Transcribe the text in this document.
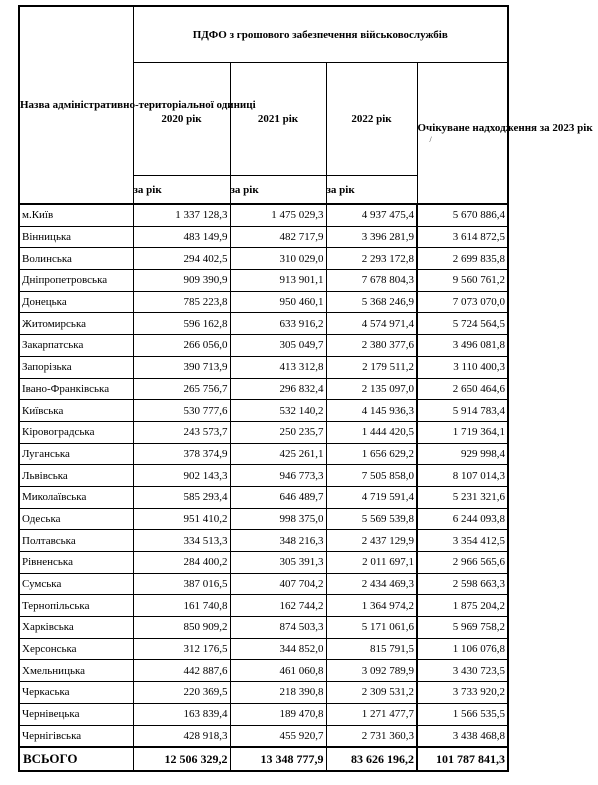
Назва адміністративно-територіальної одиниці	ПДФО з грошового забезпечення військовослужбів			
	2020 рік	2021 рік	2022 рік	Очікуване надходження за 2023 рік
/

	за рік	за рік	за рік	
м.Київ	1 337 128,3	1 475 029,3	4 937 475,4	5 670 886,4
Вінницька	483 149,9	482 717,9	3 396 281,9	3 614 872,5
Волинська	294 402,5	310 029,0	2 293 172,8	2 699 835,8
Дніпропетровська	909 390,9	913 901,1	7 678 804,3	9 560 761,2
Донецька	785 223,8	950 460,1	5 368 246,9	7 073 070,0
Житомирська	596 162,8	633 916,2	4 574 971,4	5 724 564,5
Закарпатська	266 056,0	305 049,7	2 380 377,6	3 496 081,8
Запорізька	390 713,9	413 312,8	2 179 511,2	3 110 400,3
Івано-Франківська	265 756,7	296 832,4	2 135 097,0	2 650 464,6
Київська	530 777,6	532 140,2	4 145 936,3	5 914 783,4
Кіровоградська	243 573,7	250 235,7	1 444 420,5	1 719 364,1
Луганська	378 374,9	425 261,1	1 656 629,2	929 998,4
Львівська	902 143,3	946 773,3	7 505 858,0	8 107 014,3
Миколаївська	585 293,4	646 489,7	4 719 591,4	5 231 321,6
Одеська	951 410,2	998 375,0	5 569 539,8	6 244 093,8
Полтавська	334 513,3	348 216,3	2 437 129,9	3 354 412,5
Рівненська	284 400,2	305 391,3	2 011 697,1	2 966 565,6
Сумська	387 016,5	407 704,2	2 434 469,3	2 598 663,3
Тернопільська	161 740,8	162 744,2	1 364 974,2	1 875 204,2
Харківська	850 909,2	874 503,3	5 171 061,6	5 969 758,2
Херсонська	312 176,5	344 852,0	815 791,5	1 106 076,8
Хмельницька	442 887,6	461 060,8	3 092 789,9	3 430 723,5
Черкаська	220 369,5	218 390,8	2 309 531,2	3 733 920,2
Чернівецька	163 839,4	189 470,8	1 271 477,7	1 566 535,5
Чернігівська	428 918,3	455 920,7	2 731 360,3	3 438 468,8
ВСЬОГО	12 506 329,2	13 348 777,9	83 626 196,2	101 787 841,3
